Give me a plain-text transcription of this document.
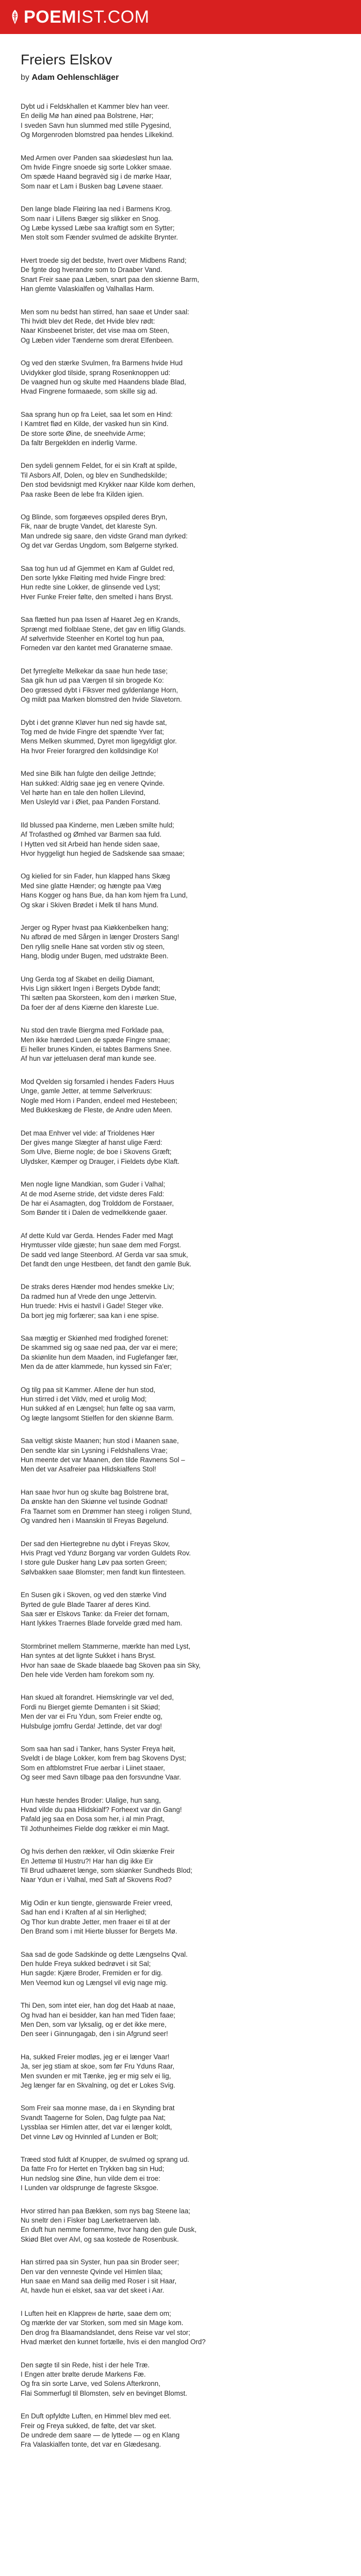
POEM IST.COM
Freiers Elskov

by Adam Oehlenschläger

Dybt ud i Feldskhallen et Kammer blev han veer.
En deilig Mø han øined paa Bolstrene, Hør;
I sveden Savn hun slummed med stille Pygesind,
Og Morgenroden blomstred paa hendes Lilkekind.

Med Armen over Panden saa skiødesløst hun laa.
Om hvide Fingre snoede sig sorte Lokker smaae.
Om spæde Haand begravèd sig i de mørke Haar,
Som naar et Lam i Busken bag Løvene staaer.

Den lange blade Fløiring laa ned i Barmens Krog.
Som naar i Lillens Bæger sig slikker en Snog.
Og Læbe kyssed Læbe saa kraftigt som en Sytter;
Men stolt som Fænder svulmed de adskilte Brynter.

Hvert troede sig det bedste, hvert over Midbens Rand;
De fgnte dog hverandre som to Draaber Vand.
Snart Freir saae paa Læben, snart paa den skienne Barm,
Han glemte Valaskialfen og Valhallas Harm.

Men som nu bedst han stirred, han saae et Under saal:
Thi hvidt blev det Rede, det Hvide blev rødt:
Naar Kinsbeenet brister, det vise maa om Steen,
Og Læben vider Tænderne som drerat Elfenbeen.

Og ved den stærke Svulmen, fra Barmens hvide Hud
Uvidykker glod tilside, sprang Rosenknoppen ud:
De vaagned hun og skulte med Haandens blade Blad,
Hvad Fingrene formaaede, som skille sig ad.

Saa sprang hun op fra Leiet, saa let som en Hind:
I Kamtret flød en Kilde, der vasked hun sin Kind.
De store sorte Øine, de sneehvide Arme;
Da faltr Bergeklden en inderlig Varme.

Den sydeli gennem Feldet, for ei sin Kraft at spilde,
Til Asbors Alf, Dolen, og blev en Sundhedskilde;
Den stod bevidsnigt med Krykker naar Kilde kom derhen,
Paa raske Been de lebe fra Kilden igien.

Og Blinde, som forgæeves opspiled deres Bryn,
Fik, naar de brugte Vandet, det klareste Syn.
Man undrede sig saare, den vidste Grand man dyrked:
Og det var Gerdas Ungdom, som Bølgerne styrked.

Saa tog hun ud af Gjemmet en Kam af Guldet red,
Den sorte lykke Fløiting med hvide Fingre bred:
Hun redte sine Lokker, de glinsende ved Lyst;
Hver Funke Freier følte, den smelted i hans Bryst.

Saa flætted hun paa Issen af Haaret Jeg en Krands,
Sprængt med fiolblaae Stene, det gav en liflig Glands.
Af sølverhvide Steenher en Kortel tog hun paa,
Forneden var den kantet med Granaterne smaae.

Det fyrreglelte Melkekar da saae hun hede tase;
Saa gik hun ud paa Værgen til sin brogede Ko:
Deo græssed dybt i Fiksver med gyldenlange Horn,
Og mildt paa Marken blomstred den hvide Slavetorn.

Dybt i det grønne Kløver hun ned sig havde sat,
Tog med de hvide Fingre det spændte Yver fat;
Mens Melken skummed, Dyret mon ligegyldigt glor.
Ha hvor Freier forargred den kolldsindige Ko!

Med sine Bilk han fulgte den deilige Jettnde;
Han sukked: Aldrig saae jeg en venere Qvinde.
Vel hørte han en tale den hollen Lilevind,
Men Usleyld var i Øiet, paa Panden Forstand.

Ild blussed paa Kinderne, men Læben smilte huld;
Af Trofasthed og Ømhed var Barmen saa fuld.
I Hytten ved sit Arbeid han hende siden saae,
Hvor hyggeligt hun hegied de Sadskende saa smaae;

Og kielied for sin Fader, hun klapped hans Skæg
Med sine glatte Hænder; og hængte paa Væg
Hans Kogger og hans Bue, da han kom hjem fra Lund,
Og skar i Skiven Brødet i Melk til hans Mund.

Jerger og Ryper hvast paa Kiøkkenbelken hang;
Nu afbrød de med Sårgen in længer Drosters Sang!
Den ryllig snelle Hane sat vorden stiv og steen,
Hang, blodig under Bugen, med udstrakte Been.

Ung Gerda tog af Skabet en deilig Diamant,
Hvis Lign sikkert Ingen i Bergets Dybde fandt;
Thi sælten paa Skorsteen, kom den i mørken Stue,
Da foer der af dens Kiærne den klareste Lue.

Nu stod den travle Biergma med Forklade paa,
Men ikke hærded Luen de spæde Fingre smaae;
Ei heller brunes Kinden, ei tabtes Barmens Snee.
Af hun var jetteluasen deraf man kunde see.

Mod Qvelden sig forsamled i hendes Faders Huus
Unge, gamle Jetter, at temme Sølverkruus:
Nogle med Horn i Panden, endeel med Hestebeen;
Med Bukkeskæg de Fleste, de Andre uden Meen.

Det maa Enhver vel vide: af Trioldenes Hær
Der gives mange Slægter af hanst ulige Færd:
Som Ulve, Bierne nogle; de boe i Skovens Græft;
Ulydsker, Kæmper og Drauger, i Fieldets dybe Klaft.

Men nogle ligne Mandkian, som Guder i Valhal;
At de mod Aserne stride, det vidste deres Fald:
De har ei Asamagten, dog Trolddom de Forstaaer,
Som Bønder tit i Dalen de vedmelkkende gaaer.

Af dette Kuld var Gerda. Hendes Fader med Magt
Hrymtusser vilde gjæste; hun saae dem med Forgst.
De sadd ved lange Steenbord. Af Gerda var saa smuk,
Det fandt den unge Hestbeen, det fandt den gamle Buk.

De straks deres Hænder mod hendes smekke Liv;
Da radmed hun af Vrede den unge Jettervin.
Hun truede: Hvis ei hastvil i Gade! Steger vike.
Da bort jeg mig forfærer; saa kan i ene spise.

Saa mægtig er Skiønhed med frodighed forenet:
De skammed sig og saae ned paa, der var ei mere;
Da skiønlite hun dem Maaden, ind Fuglefanger fær,
Men da de atter klammede, hun kyssed sin Fa'er;

Og tilg paa sit Kammer. Allene der hun stod,
Hun stirred i det Vildv, med et urolig Mod;
Hun sukked af en Længsel; hun følte og saa varm,
Og lægte langsomt Stielfen for den skiønne Barm.

Saa veltigt skiste Maanen; hun stod i Maanen saae,
Den sendte klar sin Lysning i Feldshallens Vrae;
Hun meente det var Maanen, den tilde Ravnens Sol –
Men det var Asafreier paa Hlidskialfens Stol!

Han saae hvor hun og skulte bag Bolstrene brat,
Da ønskte han den Skiønne vel tusinde Godnat!
Fra Taarnet som en Drømmer han steeg i roligen Stund,
Og vandred hen i Maanskin til Freyas Bøgelund.

Der sad den Hiertegrebne nu dybt i Freyas Skov,
Hvis Pragt ved Ydunz Borgang var vorden Guldets Rov.
I store gule Dusker hang Løv paa sorten Green;
Sølvbakken saae Blomster; men fandt kun flintesteen.

En Susen gik i Skoven, og ved den stærke Vind
Byrted de gule Blade Taarer af deres Kind.
Saa sær er Elskovs Tanke: da Freier det fornam,
Hant lykkes Traernes Blade forvelde græd med ham.

Stormbrinet mellem Stammerne, mærkte han med Lyst,
Han syntes at det lignte Sukket i hans Bryst.
Hvor han saae de Skade blaaede bag Skoven paa sin Sky,
Den hele vide Verden ham forekom som ny.

Han skued alt forandret. Hiemskringle var vel ded,
Fordi nu Bierget giemte Demanten i sit Skiød;
Men der var ei Fru Ydun, som Freier endte og,
Hulsbulge jomfru Gerda! Jettinde, det var dog!

Som saa han sad i Tanker, hans Syster Freya høit,
Sveldt i de blage Lokker, kom frem bag Skovens Dyst;
Som en aftblomstret Frue aerbar i Liinet staaer,
Og seer med Savn tilbage paa den forsvundne Vaar.

Hun hæste hendes Broder: Ulalige, hun sang,
Hvad vilde du paa Hlidskialf? Forheext var din Gang!
Pafald jeg saa en Dosa som her, i al min Pragt,
Til Jothunheimes Fielde dog rækker ei min Magt.

Og hvis derhen den rækker, vil Odin skiænke Freir
En Jettemø til Hustru?! Har han dig ikke Eir
Til Brud udhaæret længe, som skiønker Sundheds Blod;
Naar Ydun er i Valhal, med Saft af Skovens Rod?

Mig Odin er kun tiengte, gienswarde Freier vreed,
Sad han end i Kraften af al sin Herlighed;
Og Thor kun drabte Jetter, men fraaer ei til at der
Den Brand som i mit Hierte blusser for Bergets Mø.

Saa sad de gode Sadskinde og dette Længselns Qval.
Den hulde Freya sukked bedrøvet i sit Sal;
Hun sagde: Kjære Broder, Fremiden er for dig.
Men Veemod kun og Længsel vil evig nage mig.

Thi Den, som intet eier, han dog det Haab at naae,
Og hvad han ei besidder, kan han med Tiden faae;
Men Den, som var lyksalig, og er det ikke mere,
Den seer i Ginnungagab, den i sin Afgrund seer!

Ha, sukked Freier modløs, jeg er ei længer Vaar!
Ja, ser jeg stiam at skoe, som før Fru Yduns Raar,
Men svunden er mit Tænke, jeg er mig selv ei lig,
Jeg længer far en Skvalning, og det er Lokes Svig.

Som Freir saa monne mase, da i en Skynding brat
Svandt Taagerne for Solen, Dag fulgte paa Nat;
Lyssblaa ser Himlen atter, det var ei længer koldt,
Det vinne Løv og Hvinnled af Lunden er Bolt;

Træed stod fuldt af Knupper, de svulmed og sprang ud.
Da fatte Fro for Hertet en Trykken bag sin Hud;
Hun nedslog sine Øine, hun vilde dem ei troe:
I Lunden var oldsprunge de fagreste Sksgoe.

Hvor stirred han paa Bækken, som nys bag Steene laa;
Nu sneltr den i Fisker bag Laerketraerven lab.
En duft hun nemme fornemme, hvor hang den gule Dusk,
Skiød Blet over Alvl, og saa kostede de Rosenbusk.

Han stirred paa sin Syster, hun paa sin Broder seer;
Den var den venneste Qvinde vel Himlen tilaa;
Hun saae en Mand saa deilig med Roser i sit Haar,
At, havde hun ei elsket, saa var det skeet i Aar.

I Luften heit en Klapprен de hørte, saae dem om;
Og mærkte der var Storken, som med sin Mage kom.
Den drog fra Blaamandslandet, dens Reise var vel stor;
Hvad mærket den kunnet fortælle, hvis ei den manglod Ord?

Den søgte til sin Rede, hist i der hele Træ.
I Engen atter brølte derude Markens Fæ.
Og fra sin sorte Larve, ved Solens Afterkronn,
Flai Sommerfugl til Blomsten, selv en bevinget Blomst.

En Duft opfyldte Luften, en Himmel blev med eet.
Freir og Freya sukked, de følte, det var sket.
De undrede dem saare — de lyttedе — og en Klang
Fra Valaskialfen tonte, det var en Glædesang.
